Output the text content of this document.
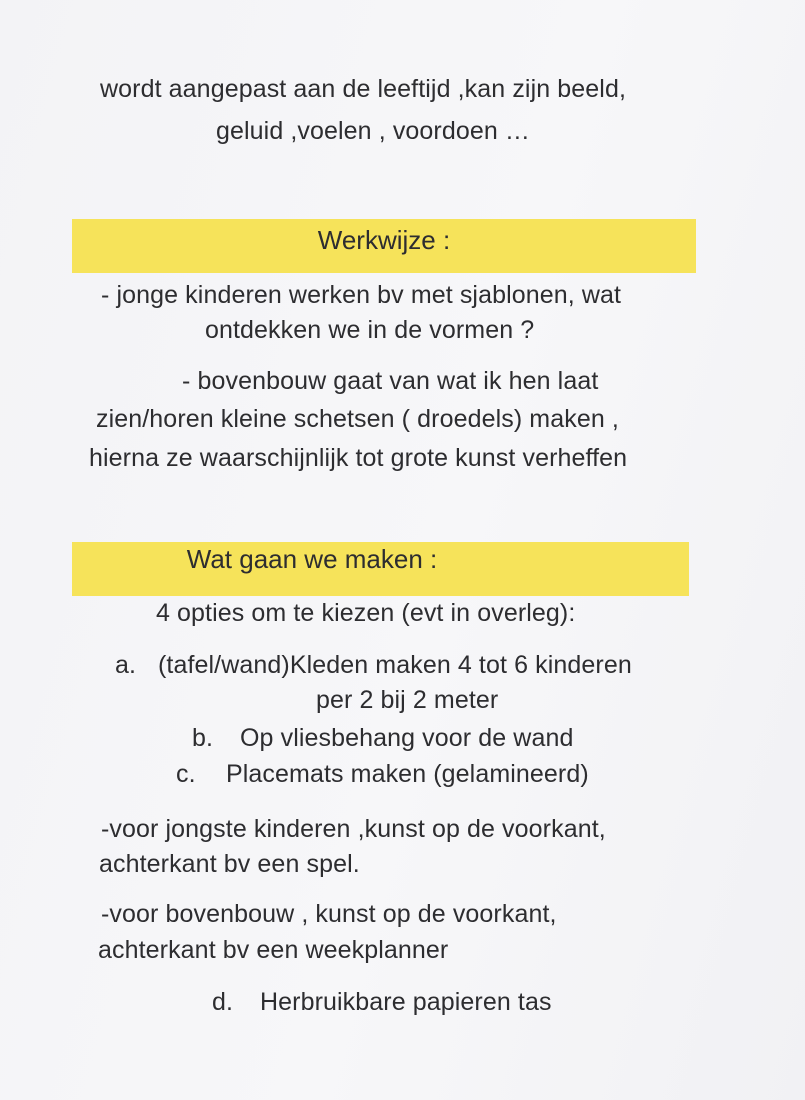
wordt aangepast aan de leeftijd ,kan zijn beeld,
geluid ,voelen , voordoen …
Werkwijze :
- jonge kinderen werken bv met sjablonen, wat
ontdekken we in de vormen ?
- bovenbouw gaat van wat ik hen laat
zien/horen kleine schetsen ( droedels) maken ,
hierna ze waarschijnlijk tot grote kunst verheffen
Wat gaan we maken :
4 opties om te kiezen (evt in overleg):
a. (tafel/wand)Kleden maken 4 tot 6 kinderen
per 2 bij 2 meter
b. Op vliesbehang voor de wand
c. Placemats maken (gelamineerd)
-voor jongste kinderen ,kunst op de voorkant,
achterkant bv een spel.
-voor bovenbouw , kunst op de voorkant,
achterkant bv een weekplanner
d. Herbruikbare papieren tas
